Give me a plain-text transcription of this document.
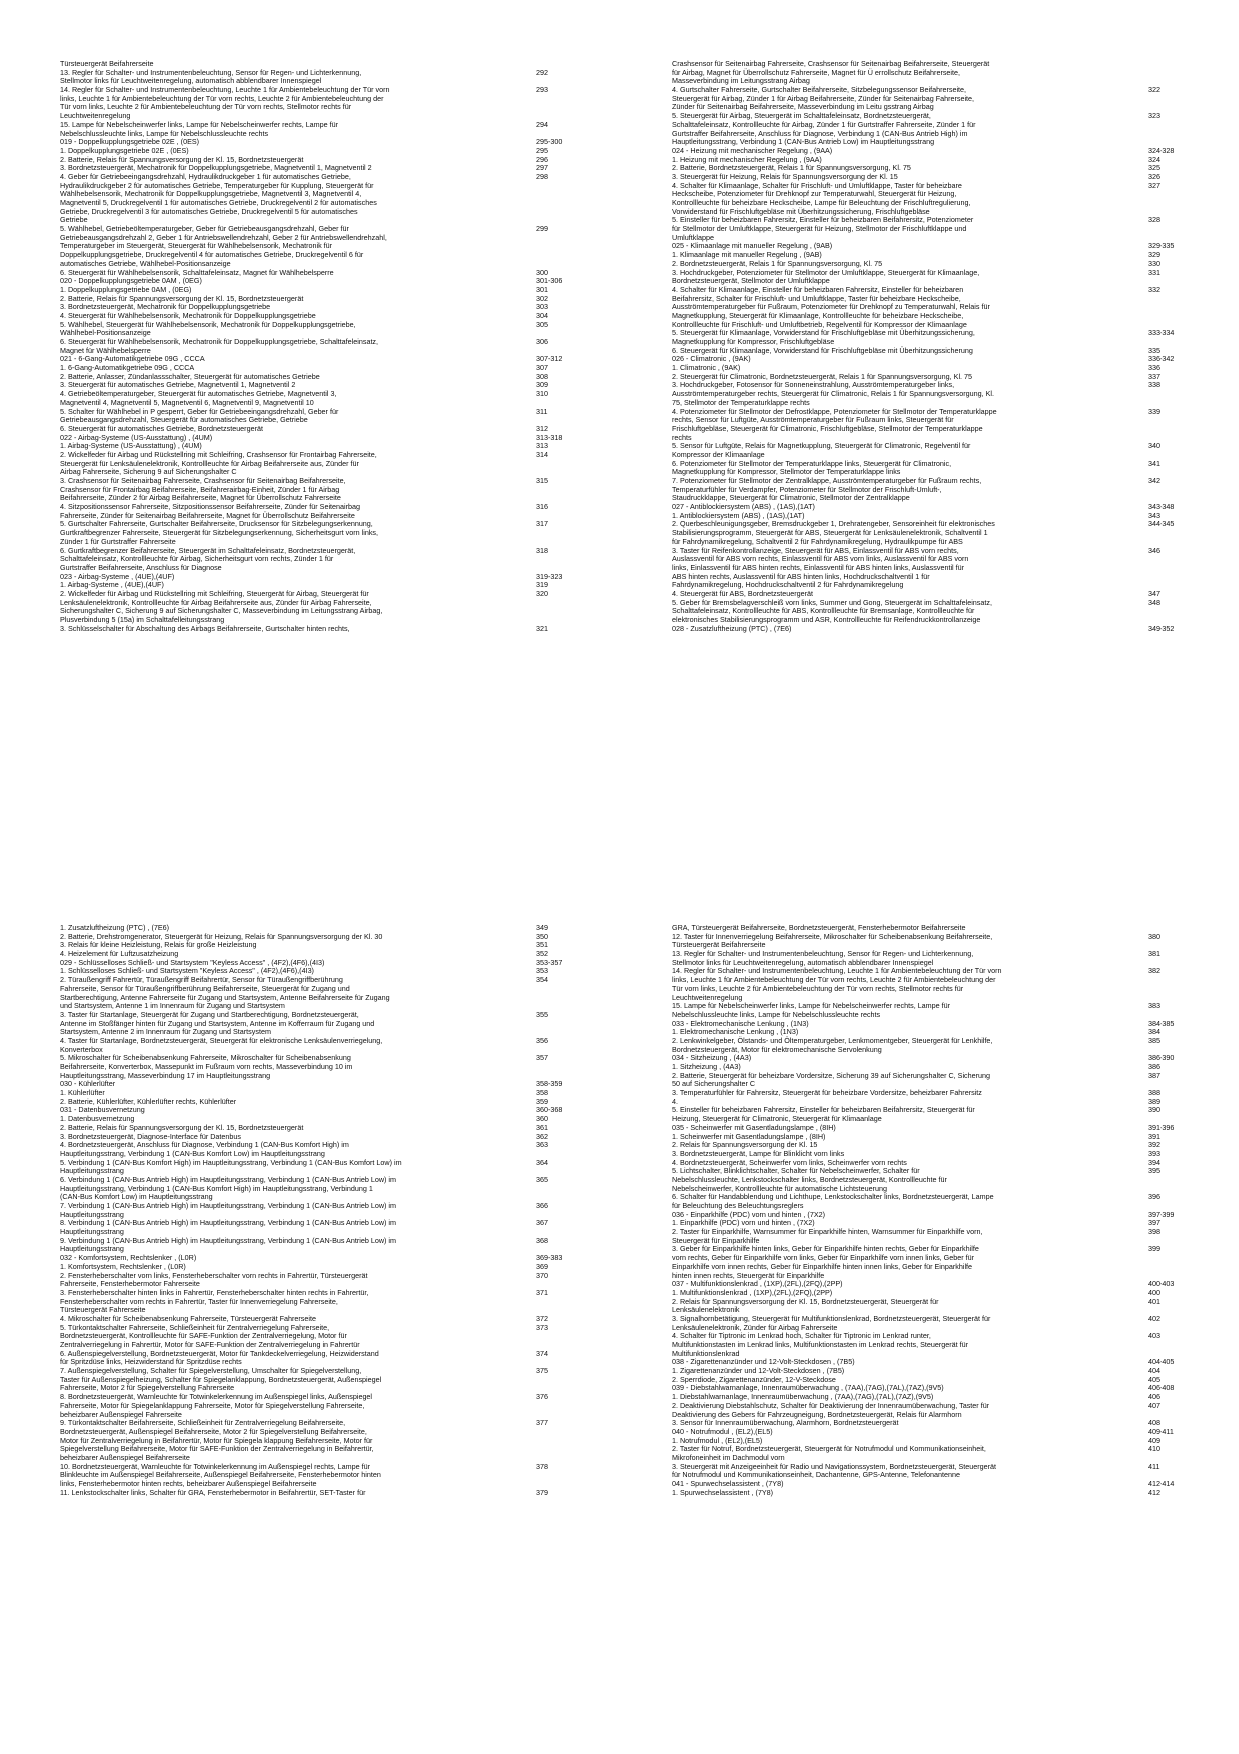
Türsteuergerät Beifahrerseite
13. Regler für Schalter- und Instrumentenbeleuchtung, Sensor für Regen- und Lichterkennung,	292
Stellmotor links für Leuchtweitenregelung, automatisch abblendbarer Innenspiegel
14. Regler für Schalter- und Instrumentenbeleuchtung, Leuchte 1 für Ambientebeleuchtung der Tür vorn	293
links, Leuchte 1 für Ambientebeleuchtung der Tür vorn rechts, Leuchte 2 für Ambientebeleuchtung der
Tür vorn links, Leuchte 2 für Ambientebeleuchtung der Tür vorn rechts, Stellmotor rechts für
Leuchtweitenregelung
15. Lampe für Nebelscheinwerfer links, Lampe für Nebelscheinwerfer rechts, Lampe für	294
Nebelschlussleuchte links, Lampe für Nebelschlussleuchte rechts
019 - Doppelkupplungsgetriebe 02E , (0ES)	295-300
1. Doppelkupplungsgetriebe 02E , (0ES)	295
2. Batterie, Relais für Spannungsversorgung der Kl. 15, Bordnetzsteuergerät	296
3. Bordnetzsteuergerät, Mechatronik für Doppelkupplungsgetriebe, Magnetventil 1, Magnetventil 2	297
4. Geber für Getriebeeingangsdrehzahl, Hydraulikdruckgeber 1 für automatisches Getriebe,	298
Hydraulikdruckgeber 2 für automatisches Getriebe, Temperaturgeber für Kupplung, Steuergerät für
Wählhebelsensorik, Mechatronik für Doppelkupplungsgetriebe, Magnetventil 3, Magnetventil 4,
Magnetventil 5, Druckregelventil 1 für automatisches Getriebe, Druckregelventil 2 für automatisches
Getriebe, Druckregelventil 3 für automatisches Getriebe, Druckregelventil 5 für automatisches
Getriebe
5. Wählhebel, Getriebeöltemperaturgeber, Geber für Getriebeausgangsdrehzahl, Geber für	299
Getriebeausgangsdrehzahl 2, Geber 1 für Antriebswellendrehzahl, Geber 2 für Antriebswellendrehzahl,
Temperaturgeber im Steuergerät, Steuergerät für Wählhebelsensorik, Mechatronik für
Doppelkupplungsgetriebe, Druckregelventil 4 für automatisches Getriebe, Druckregelventil 6 für
automatisches Getriebe, Wählhebel-Positionsanzeige
6. Steuergerät für Wählhebelsensorik, Schalttafeleinsatz, Magnet für Wählhebelsperre	300
020 - Doppelkupplungsgetriebe 0AM , (0EG)	301-306
1. Doppelkupplungsgetriebe 0AM , (0EG)	301
2. Batterie, Relais für Spannungsversorgung der Kl. 15, Bordnetzsteuergerät	302
3. Bordnetzsteuergerät, Mechatronik für Doppelkupplungsgetriebe	303
4. Steuergerät für Wählhebelsensorik, Mechatronik für Doppelkupplungsgetriebe	304
5. Wählhebel, Steuergerät für Wählhebelsensorik, Mechatronik für Doppelkupplungsgetriebe,	305
Wählhebel-Positionsanzeige
6. Steuergerät für Wählhebelsensorik, Mechatronik für Doppelkupplungsgetriebe, Schalttafeleinsatz,	306
Magnet für Wählhebelsperre
021 - 6-Gang-Automatikgetriebe 09G , CCCA	307-312
1. 6-Gang-Automatikgetriebe 09G , CCCA	307
2. Batterie, Anlasser, Zündanlassschalter, Steuergerät für automatisches Getriebe	308
3. Steuergerät für automatisches Getriebe, Magnetventil 1, Magnetventil 2	309
4. Getriebeöltemperaturgeber, Steuergerät für automatisches Getriebe, Magnetventil 3,	310
Magnetventil 4, Magnetventil 5, Magnetventil 6, Magnetventil 9, Magnetventil 10
5. Schalter für Wählhebel in P gesperrt, Geber für Getriebeeingangsdrehzahl, Geber für	311
Getriebeausgangsdrehzahl, Steuergerät für automatisches Getriebe, Getriebe
6. Steuergerät für automatisches Getriebe, Bordnetzsteuergerät	312
022 - Airbag-Systeme (US-Ausstattung) , (4UM)	313-318
1. Airbag-Systeme (US-Ausstattung) , (4UM)	313
2. Wickelfeder für Airbag und Rückstellring mit Schleifring, Crashsensor für Frontairbag Fahrerseite,	314
Steuergerät für Lenksäulenelektronik, Kontrollleuchte für Airbag Beifahrerseite aus, Zünder für
Airbag Fahrerseite, Sicherung 9 auf Sicherungshalter C
3. Crashsensor für Seitenairbag Fahrerseite, Crashsensor für Seitenairbag Beifahrerseite,	315
Crashsensor für Frontairbag Beifahrerseite, Beifahrerairbag-Einheit, Zünder 1 für Airbag
Beifahrerseite, Zünder 2 für Airbag Beifahrerseite, Magnet für Überrollschutz Fahrerseite
4. Sitzpositionssensor Fahrerseite, Sitzpositionssensor Beifahrerseite, Zünder für Seitenairbag	316
Fahrerseite, Zünder für Seitenairbag Beifahrerseite, Magnet für Überrollschutz Beifahrerseite
5. Gurtschalter Fahrerseite, Gurtschalter Beifahrerseite, Drucksensor für Sitzbelegungserkennung,	317
Gurtkraftbegrenzer Fahrerseite, Steuergerät für Sitzbelegungserkennung, Sicherheitsgurt vorn links,
Zünder 1 für Gurtstraffer Fahrerseite
6. Gurtkraftbegrenzer Beifahrerseite, Steuergerät im Schalttafeleinsatz, Bordnetzsteuergerät,	318
Schalttafeleinsatz, Kontrollleuchte für Airbag, Sicherheitsgurt vorn rechts, Zünder 1 für
Gurtstraffer Beifahrerseite, Anschluss für Diagnose
023 - Airbag-Systeme , (4UE),(4UF)	319-323
1. Airbag-Systeme , (4UE),(4UF)	319
2. Wickelfeder für Airbag und Rückstellring mit Schleifring, Steuergerät für Airbag, Steuergerät für	320
Lenksäulenelektronik, Kontrollleuchte für Airbag Beifahrerseite aus, Zünder für Airbag Fahrerseite,
Sicherungshalter C, Sicherung 9 auf Sicherungshalter C, Masseverbindung im Leitungsstrang Airbag,
Plusverbindung 5 (15a) im Schalttafelleitungsstrang
3. Schlüsselschalter für Abschaltung des Airbags Beifahrerseite, Gurtschalter hinten rechts,	321
Crashsensor für Seitenairbag Fahrerseite, Crashsensor für Seitenairbag Beifahrerseite, Steuergerät
für Airbag, Magnet für Überrollschutz Fahrerseite, Magnet für Ü errollschutz Beifahrerseite,
Masseverbindung im Leitungsstrang Airbag
4. Gurtschalter Fahrerseite, Gurtschalter Beifahrerseite, Sitzbelegungssensor Beifahrerseite,	322
Steuergerät für Airbag, Zünder 1 für Airbag Beifahrerseite, Zünder für Seitenairbag Fahrerseite,
Zünder für Seitenairbag Beifahrerseite, Masseverbindung im Leitu gsstrang Airbag
5. Steuergerät für Airbag, Steuergerät im Schalttafeleinsatz, Bordnetzsteuergerät,	323
Schalttafeleinsatz, Kontrollleuchte für Airbag, Zünder 1 für Gurtstraffer Fahrerseite, Zünder 1 für
Gurtstraffer Beifahrerseite, Anschluss für Diagnose, Verbindung 1 (CAN-Bus Antrieb High) im
Hauptleitungsstrang, Verbindung 1 (CAN-Bus Antrieb Low) im Hauptleitungsstrang
024 - Heizung mit mechanischer Regelung , (9AA)	324-328
1. Heizung mit mechanischer Regelung , (9AA)	324
2. Batterie, Bordnetzsteuergerät, Relais 1 für Spannungsversorgung, Kl. 75	325
3. Steuergerät für Heizung, Relais für Spannungsversorgung der Kl. 15	326
4. Schalter für Klimaanlage, Schalter für Frischluft- und Umluftklappe, Taster für beheizbare	327
Heckscheibe, Potenziometer für Drehknopf zur Temperaturwahl, Steuergerät für Heizung,
Kontrollleuchte für beheizbare Heckscheibe, Lampe für Beleuchtung der Frischluftregulierung,
Vorwiderstand für Frischluftgebläse mit Überhitzungssicherung, Frischluftgebläse
5. Einsteller für beheizbaren Fahrersitz, Einsteller für beheizbaren Beifahrersitz, Potenziometer	328
für Stellmotor der Umluftklappe, Steuergerät für Heizung, Stellmotor der Frischluftklappe und
Umluftklappe
025 - Klimaanlage mit manueller Regelung , (9AB)	329-335
1. Klimaanlage mit manueller Regelung , (9AB)	329
2. Bordnetzsteuergerät, Relais 1 für Spannungsversorgung, Kl. 75	330
3. Hochdruckgeber, Potenziometer für Stellmotor der Umluftklappe, Steuergerät für Klimaanlage,	331
Bordnetzsteuergerät, Stellmotor der Umluftklappe
4. Schalter für Klimaanlage, Einsteller für beheizbaren Fahrersitz, Einsteller für beheizbaren	332
Beifahrersitz, Schalter für Frischluft- und Umluftklappe, Taster für beheizbare Heckscheibe,
Ausströmtemperaturgeber für Fußraum, Potenziometer für Drehknopf zu Temperaturwahl, Relais für
Magnetkupplung, Steuergerät für Klimaanlage, Kontrollleuchte für beheizbare Heckscheibe,
Kontrollleuchte für Frischluft- und Umluftbetrieb, Regelventil für Kompressor der Klimaanlage
5. Steuergerät für Klimaanlage, Vorwiderstand für Frischluftgebläse mit Überhitzungssicherung,	333-334
Magnetkupplung für Kompressor, Frischluftgebläse
6. Steuergerät für Klimaanlage, Vorwiderstand für Frischluftgebläse mit Überhitzungssicherung	335
026 - Climatronic , (9AK)	336-342
1. Climatronic , (9AK)	336
2. Steuergerät für Climatronic, Bordnetzsteuergerät, Relais 1 für Spannungsversorgung, Kl. 75	337
3. Hochdruckgeber, Fotosensor für Sonneneinstrahlung, Ausströmtemperaturgeber links,	338
Ausströmtemperaturgeber rechts, Steuergerät für Climatronic, Relais 1 für Spannungsversorgung, Kl.
75, Stellmotor der Temperaturklappe rechts
4. Potenziometer für Stellmotor der Defrostklappe, Potenziometer für Stellmotor der Temperaturklappe	339
rechts, Sensor für Luftgüte, Ausströmtemperaturgeber für Fußraum links, Steuergerät für
Frischluftgebläse, Steuergerät für Climatronic, Frischluftgebläse, Stellmotor der Temperaturklappe
rechts
5. Sensor für Luftgüte, Relais für Magnetkupplung, Steuergerät für Climatronic, Regelventil für	340
Kompressor der Klimaanlage
6. Potenziometer für Stellmotor der Temperaturklappe links, Steuergerät für Climatronic,	341
Magnetkupplung für Kompressor, Stellmotor der Temperaturklappe links
7. Potenziometer für Stellmotor der Zentralklappe, Ausströmtemperaturgeber für Fußraum rechts,	342
Temperaturfühler für Verdampfer, Potenziometer für Stellmotor der Frischluft-Umluft-,
Staudruckklappe, Steuergerät für Climatronic, Stellmotor der Zentralklappe
027 - Antiblockiersystem (ABS) , (1AS),(1AT)	343-348
1. Antiblockiersystem (ABS) , (1AS),(1AT)	343
2. Querbeschleunigungsgeber, Bremsdruckgeber 1, Drehratengeber, Sensoreinheit für elektronisches	344-345
Stabilisierungsprogramm, Steuergerät für ABS, Steuergerät für Lenksäulenelektronik, Schaltventil 1
für Fahrdynamikregelung, Schaltventil 2 für Fahrdynamikregelung, Hydraulikpumpe für ABS
3. Taster für Reifenkontrollanzeige, Steuergerät für ABS, Einlassventil für ABS vorn rechts,	346
Auslassventil für ABS vorn rechts, Einlassventil für ABS vorn links, Auslassventil für ABS vorn
links, Einlassventil für ABS hinten rechts, Einlassventil für ABS hinten links, Auslassventil für
ABS hinten rechts, Auslassventil für ABS hinten links, Hochdruckschaltventil 1 für
Fahrdynamikregelung, Hochdruckschaltventil 2 für Fahrdynamikregelung
4. Steuergerät für ABS, Bordnetzsteuergerät	347
5. Geber für Bremsbelagverschleiß vorn links, Summer und Gong, Steuergerät im Schalttafeleinsatz,	348
Schalttafeleinsatz, Kontrollleuchte für ABS, Kontrollleuchte für Bremsanlage, Kontrollleuchte für
elektronisches Stabilisierungsprogramm und ASR, Kontrollleuchte für Reifendruckkontrollanzeige
028 - Zusatzluftheizung (PTC) , (7E6)	349-352
1. Zusatzluftheizung (PTC) , (7E6)	349
2. Batterie, Drehstromgenerator, Steuergerät für Heizung, Relais für Spannungsversorgung der Kl. 30	350
3. Relais für kleine Heizleistung, Relais für große Heizleistung	351
4. Heizelement für Luftzusatzheizung	352
029 - Schlüsselloses Schließ- und Startsystem "Keyless Access" , (4F2),(4F6),(4I3)	353-357
1. Schlüsselloses Schließ- und Startsystem "Keyless Access" , (4F2),(4F6),(4I3)	353
2. Türaußengriff Fahrertür, Türaußengriff Beifahrertür, Sensor für Türaußengriffberührung	354
Fahrerseite, Sensor für Türaußengriffberührung Beifahrerseite, Steuergerät für Zugang und
Startberechtigung, Antenne Fahrerseite für Zugang und Startsystem, Antenne Beifahrerseite für Zugang
und Startsystem, Antenne 1 im Innenraum für Zugang und Startsystem
3. Taster für Startanlage, Steuergerät für Zugang und Startberechtigung, Bordnetzsteuergerät,	355
Antenne im Stoßfänger hinten für Zugang und Startsystem, Antenne im Kofferraum für Zugang und
Startsystem, Antenne 2 im Innenraum für Zugang und Startsystem
4. Taster für Startanlage, Bordnetzsteuergerät, Steuergerät für elektronische Lenksäulenverriegelung,	356
Konverterbox
5. Mikroschalter für Scheibenabsenkung Fahrerseite, Mikroschalter für Scheibenabsenkung	357
Beifahrerseite, Konverterbox, Massepunkt im Fußraum vorn rechts, Masseverbindung 10 im
Hauptleitungsstrang, Masseverbindung 17 im Hauptleitungsstrang
030 - Kühlerlüfter	358-359
1. Kühlerlüfter	358
2. Batterie, Kühlerlüfter, Kühlerlüfter rechts, Kühlerlüfter	359
031 - Datenbusvernetzung	360-368
1. Datenbusvernetzung	360
2. Batterie, Relais für Spannungsversorgung der Kl. 15, Bordnetzsteuergerät	361
3. Bordnetzsteuergerät, Diagnose-Interface für Datenbus	362
4. Bordnetzsteuergerät, Anschluss für Diagnose, Verbindung 1 (CAN-Bus Komfort High) im	363
Hauptleitungsstrang, Verbindung 1 (CAN-Bus Komfort Low) im Hauptleitungsstrang
5. Verbindung 1 (CAN-Bus Komfort High) im Hauptleitungsstrang, Verbindung 1 (CAN-Bus Komfort Low) im	364
Hauptleitungsstrang
6. Verbindung 1 (CAN-Bus Antrieb High) im Hauptleitungsstrang, Verbindung 1 (CAN-Bus Antrieb Low) im	365
Hauptleitungsstrang, Verbindung 1 (CAN-Bus Komfort High) im Hauptleitungsstrang, Verbindung 1
(CAN-Bus Komfort Low) im Hauptleitungsstrang
7. Verbindung 1 (CAN-Bus Antrieb High) im Hauptleitungsstrang, Verbindung 1 (CAN-Bus Antrieb Low) im	366
Hauptleitungsstrang
8. Verbindung 1 (CAN-Bus Antrieb High) im Hauptleitungsstrang, Verbindung 1 (CAN-Bus Antrieb Low) im	367
Hauptleitungsstrang
9. Verbindung 1 (CAN-Bus Antrieb High) im Hauptleitungsstrang, Verbindung 1 (CAN-Bus Antrieb Low) im	368
Hauptleitungsstrang
032 - Komfortsystem, Rechtslenker , (L0R)	369-383
1. Komfortsystem, Rechtslenker , (L0R)	369
2. Fensterheberschalter vorn links, Fensterheberschalter vorn rechts in Fahrertür, Türsteuergerät	370
Fahrerseite, Fensterhebermotor Fahrerseite
3. Fensterheberschalter hinten links in Fahrertür, Fensterheberschalter hinten rechts in Fahrertür,	371
Fensterheberschalter vorn rechts in Fahrertür, Taster für Innenverriegelung Fahrerseite,
Türsteuergerät Fahrerseite
4. Mikroschalter für Scheibenabsenkung Fahrerseite, Türsteuergerät Fahrerseite	372
5. Türkontaktschalter Fahrerseite, Schließeinheit für Zentralverriegelung Fahrerseite,	373
Bordnetzsteuergerät, Kontrollleuchte für SAFE-Funktion der Zentralverriegelung, Motor für
Zentralverriegelung in Fahrertür, Motor für SAFE-Funktion der Zentralverriegelung in Fahrertür
6. Außenspiegelverstellung, Bordnetzsteuergerät, Motor für Tankdeckelverriegelung, Heizwiderstand	374
für Spritzdüse links, Heizwiderstand für Spritzdüse rechts
7. Außenspiegelverstellung, Schalter für Spiegelverstellung, Umschalter für Spiegelverstellung,	375
Taster für Außenspiegelheizung, Schalter für Spiegelanklappung, Bordnetzsteuergerät, Außenspiegel
Fahrerseite, Motor 2 für Spiegelverstellung Fahrerseite
8. Bordnetzsteuergerät, Warnleuchte für Totwinkelerkennung im Außenspiegel links, Außenspiegel	376
Fahrerseite, Motor für Spiegelanklappung Fahrerseite, Motor für Spiegelverstellung Fahrerseite,
beheizbarer Außenspiegel Fahrerseite
9. Türkontaktschalter Beifahrerseite, Schließeinheit für Zentralverriegelung Beifahrerseite,	377
Bordnetzsteuergerät, Außenspiegel Beifahrerseite, Motor 2 für Spiegelverstellung Beifahrerseite,
Motor für Zentralverriegelung in Beifahrertür, Motor für Spiegela klappung Beifahrerseite, Motor für
Spiegelverstellung Beifahrerseite, Motor für SAFE-Funktion der Zentralverriegelung in Beifahrertür,
beheizbarer Außenspiegel Beifahrerseite
10. Bordnetzsteuergerät, Warnleuchte für Totwinkelerkennung im Außenspiegel rechts, Lampe für	378
Blinkleuchte im Außenspiegel Beifahrerseite, Außenspiegel Beifahrerseite, Fensterhebermotor hinten
links, Fensterhebermotor hinten rechts, beheizbarer Außenspiegel Beifahrerseite
11. Lenkstockschalter links, Schalter für GRA, Fensterhebermotor in Beifahrertür, SET-Taster für	379
GRA, Türsteuergerät Beifahrerseite, Bordnetzsteuergerät, Fensterhebermotor Beifahrerseite
12. Taster für Innenverriegelung Beifahrerseite, Mikroschalter für Scheibenabsenkung Beifahrerseite,	380
Türsteuergerät Beifahrerseite
13. Regler für Schalter- und Instrumentenbeleuchtung, Sensor für Regen- und Lichterkennung,	381
Stellmotor links für Leuchtweitenregelung, automatisch abblendbarer Innenspiegel
14. Regler für Schalter- und Instrumentenbeleuchtung, Leuchte 1 für Ambientebeleuchtung der Tür vorn	382
links, Leuchte 1 für Ambientebeleuchtung der Tür vorn rechts, Leuchte 2 für Ambientebeleuchtung der
Tür vorn links, Leuchte 2 für Ambientebeleuchtung der Tür vorn rechts, Stellmotor rechts für
Leuchtweitenregelung
15. Lampe für Nebelscheinwerfer links, Lampe für Nebelscheinwerfer rechts, Lampe für	383
Nebelschlussleuchte links, Lampe für Nebelschlussleuchte rechts
033 - Elektromechanische Lenkung , (1N3)	384-385
1. Elektromechanische Lenkung , (1N3)	384
2. Lenkwinkelgeber, Ölstands- und Öltemperaturgeber, Lenkmomentgeber, Steuergerät für Lenkhilfe,	385
Bordnetzsteuergerät, Motor für elektromechanische Servolenkung
034 - Sitzheizung , (4A3)	386-390
1. Sitzheizung , (4A3)	386
2. Batterie, Steuergerät für beheizbare Vordersitze, Sicherung 39 auf Sicherungshalter C, Sicherung	387
50 auf Sicherungshalter C
3. Temperaturfühler für Fahrersitz, Steuergerät für beheizbare Vordersitze, beheizbarer Fahrersitz	388
4.	389
5. Einsteller für beheizbaren Fahrersitz, Einsteller für beheizbaren Beifahrersitz, Steuergerät für	390
Heizung, Steuergerät für Climatronic, Steuergerät für Klimaanlage
035 - Scheinwerfer mit Gasentladungslampe , (8IH)	391-396
1. Scheinwerfer mit Gasentladungslampe , (8IH)	391
2. Relais für Spannungsversorgung der Kl. 15	392
3. Bordnetzsteuergerät, Lampe für Blinklicht vorn links	393
4. Bordnetzsteuergerät, Scheinwerfer vorn links, Scheinwerfer vorn rechts	394
5. Lichtschalter, Blinklichtschalter, Schalter für Nebelscheinwerfer, Schalter für	395
Nebelschlussleuchte, Lenkstockschalter links, Bordnetzsteuergerät, Kontrollleuchte für
Nebelscheinwerfer, Kontrollleuchte für automatische Lichtsteuerung
6. Schalter für Handabblendung und Lichthupe, Lenkstockschalter links, Bordnetzsteuergerät, Lampe	396
für Beleuchtung des Beleuchtungsreglers
036 - Einparkhilfe (PDC) vorn und hinten , (7X2)	397-399
1. Einparkhilfe (PDC) vorn und hinten , (7X2)	397
2. Taster für Einparkhilfe, Warnsummer für Einparkhilfe hinten, Warnsummer für Einparkhilfe vorn,	398
Steuergerät für Einparkhilfe
3. Geber für Einparkhilfe hinten links, Geber für Einparkhilfe hinten rechts, Geber für Einparkhilfe	399
vorn rechts, Geber für Einparkhilfe vorn links, Geber für Einparkhilfe vorn innen links, Geber für
Einparkhilfe vorn innen rechts, Geber für Einparkhilfe hinten innen links, Geber für Einparkhilfe
hinten innen rechts, Steuergerät für Einparkhilfe
037 - Multifunktionslenkrad , (1XP),(2FL),(2FQ),(2PP)	400-403
1. Multifunktionslenkrad , (1XP),(2FL),(2FQ),(2PP)	400
2. Relais für Spannungsversorgung der Kl. 15, Bordnetzsteuergerät, Steuergerät für	401
Lenksäulenelektronik
3. Signalhornbetätigung, Steuergerät für Multifunktionslenkrad, Bordnetzsteuergerät, Steuergerät für	402
Lenksäulenelektronik, Zünder für Airbag Fahrerseite
4. Schalter für Tiptronic im Lenkrad hoch, Schalter für Tiptronic im Lenkrad runter,	403
Multifunktionstasten im Lenkrad links, Multifunktionstasten im Lenkrad rechts, Steuergerät für
Multifunktionslenkrad
038 - Zigarettenanzünder und 12-Volt-Steckdosen , (7B5)	404-405
1. Zigarettenanzünder und 12-Volt-Steckdosen , (7B5)	404
2. Sperrdiode, Zigarettenanzünder, 12-V-Steckdose	405
039 - Diebstahlwarnanlage, Innenraumüberwachung , (7AA),(7AG),(7AL),(7AZ),(9V5)	406-408
1. Diebstahlwarnanlage, Innenraumüberwachung , (7AA),(7AG),(7AL),(7AZ),(9V5)	406
2. Deaktivierung Diebstahlschutz, Schalter für Deaktivierung der Innenraumüberwachung, Taster für	407
Deaktivierung des Gebers für Fahrzeugneigung, Bordnetzsteuergerät, Relais für Alarmhorn
3. Sensor für Innenraumüberwachung, Alarmhorn, Bordnetzsteuergerät	408
040 - Notrufmodul , (EL2),(EL5)	409-411
1. Notrufmodul , (EL2),(EL5)	409
2. Taster für Notruf, Bordnetzsteuergerät, Steuergerät für Notrufmodul und Kommunikationseinheit,	410
Mikrofoneinheit im Dachmodul vorn
3. Steuergerät mit Anzeigeeinheit für Radio und Navigationssystem, Bordnetzsteuergerät, Steuergerät	411
für Notrufmodul und Kommunikationseinheit, Dachantenne, GPS-Antenne, Telefonantenne
041 - Spurwechselassistent , (7Y8)	412-414
1. Spurwechselassistent , (7Y8)	412
